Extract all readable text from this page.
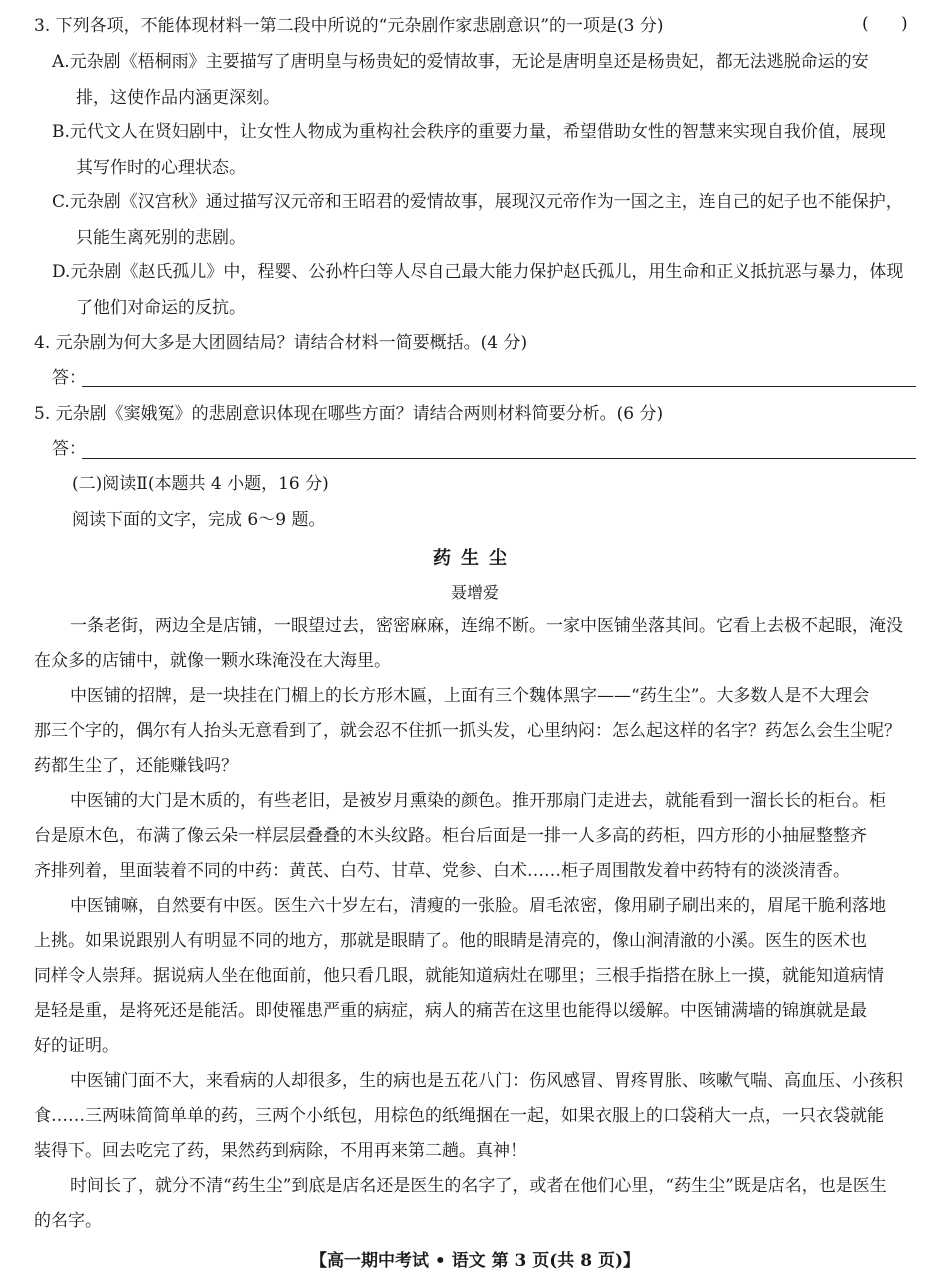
3. 下列各项，不能体现材料一第二段中所说的“元杂剧作家悲剧意识”的一项是(3 分)	(      )
A.元杂剧《梧桐雨》主要描写了唐明皇与杨贵妃的爱情故事，无论是唐明皇还是杨贵妃，都无法逃脱命运的安
排，这使作品内涵更深刻。
B.元代文人在贤妇剧中，让女性人物成为重构社会秩序的重要力量，希望借助女性的智慧来实现自我价值，展现
其写作时的心理状态。
C.元杂剧《汉宫秋》通过描写汉元帝和王昭君的爱情故事，展现汉元帝作为一国之主，连自己的妃子也不能保护，
只能生离死别的悲剧。
D.元杂剧《赵氏孤儿》中，程婴、公孙杵臼等人尽自己最大能力保护赵氏孤儿，用生命和正义抵抗恶与暴力，体现
了他们对命运的反抗。
4. 元杂剧为何大多是大团圆结局？请结合材料一简要概括。(4 分)
答：
5. 元杂剧《窦娥冤》的悲剧意识体现在哪些方面？请结合两则材料简要分析。(6 分)
答：
(二)阅读Ⅱ(本题共 4 小题，16 分)
阅读下面的文字，完成 6～9 题。
药生尘
聂增爱
一条老街，两边全是店铺，一眼望过去，密密麻麻，连绵不断。一家中医铺坐落其间。它看上去极不起眼，淹没
在众多的店铺中，就像一颗水珠淹没在大海里。
中医铺的招牌，是一块挂在门楣上的长方形木匾，上面有三个魏体黑字——“药生尘”。大多数人是不大理会
那三个字的，偶尔有人抬头无意看到了，就会忍不住抓一抓头发，心里纳闷：怎么起这样的名字？药怎么会生尘呢？
药都生尘了，还能赚钱吗？
中医铺的大门是木质的，有些老旧，是被岁月熏染的颜色。推开那扇门走进去，就能看到一溜长长的柜台。柜
台是原木色，布满了像云朵一样层层叠叠的木头纹路。柜台后面是一排一人多高的药柜，四方形的小抽屉整整齐
齐排列着，里面装着不同的中药：黄芪、白芍、甘草、党参、白术……柜子周围散发着中药特有的淡淡清香。
中医铺嘛，自然要有中医。医生六十岁左右，清瘦的一张脸。眉毛浓密，像用刷子刷出来的，眉尾干脆利落地
上挑。如果说跟别人有明显不同的地方，那就是眼睛了。他的眼睛是清亮的，像山涧清澈的小溪。医生的医术也
同样令人崇拜。据说病人坐在他面前，他只看几眼，就能知道病灶在哪里；三根手指搭在脉上一摸，就能知道病情
是轻是重，是将死还是能活。即使罹患严重的病症，病人的痛苦在这里也能得以缓解。中医铺满墙的锦旗就是最
好的证明。
中医铺门面不大，来看病的人却很多，生的病也是五花八门：伤风感冒、胃疼胃胀、咳嗽气喘、高血压、小孩积
食……三两味简简单单的药，三两个小纸包，用棕色的纸绳捆在一起，如果衣服上的口袋稍大一点，一只衣袋就能
装得下。回去吃完了药，果然药到病除，不用再来第二趟。真神！
时间长了，就分不清“药生尘”到底是店名还是医生的名字了，或者在他们心里，“药生尘”既是店名，也是医生
的名字。
【高一期中考试 • 语文 第 3 页(共 8 页)】
